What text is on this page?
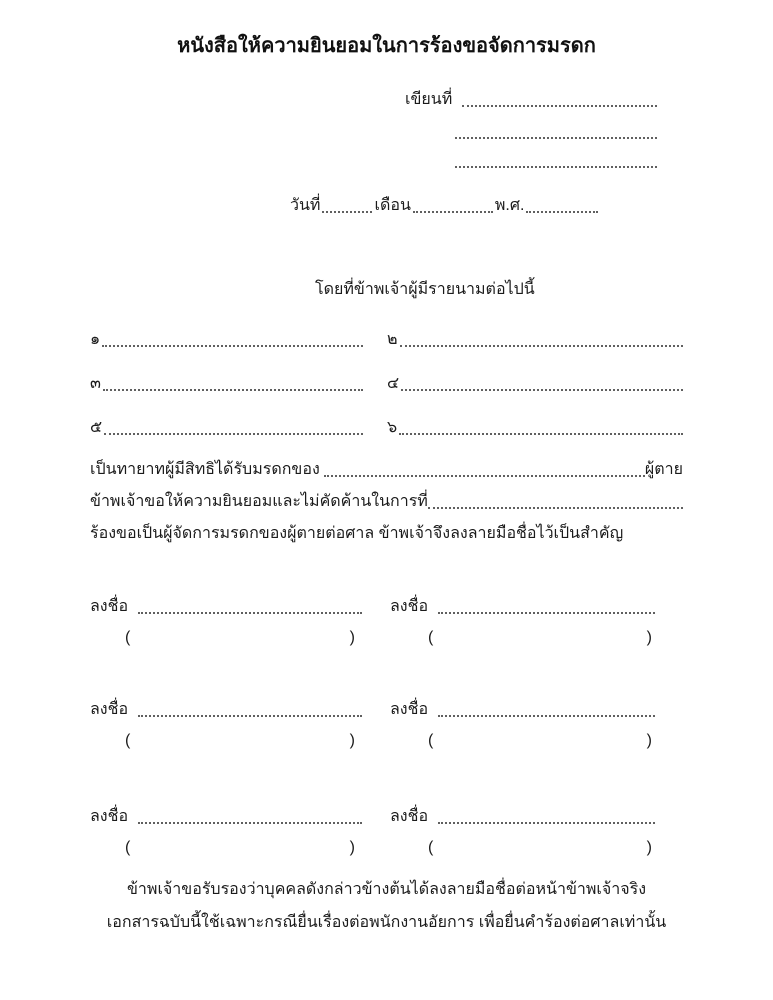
หนังสือให้ความยินยอมในการร้องขอจัดการมรดก
เขียนที่
วันที่	เดือน	พ.ศ.
โดยที่ข้าพเจ้าผู้มีรายนามต่อไปนี้
๑	๒
๓	๔
๕	๖
เป็นทายาทผู้มีสิทธิได้รับมรดกของ	ผู้ตาย
ข้าพเจ้าขอให้ความยินยอมและไม่คัดค้านในการที่
ร้องขอเป็นผู้จัดการมรดกของผู้ตายต่อศาล ข้าพเจ้าจึงลงลายมือชื่อไว้เป็นสำคัญ
ลงชื่อ	ลงชื่อ
(	)	(	)
ลงชื่อ	ลงชื่อ
(	)	(	)
ลงชื่อ	ลงชื่อ
(	)	(	)
ข้าพเจ้าขอรับรองว่าบุคคลดังกล่าวข้างต้นได้ลงลายมือชื่อต่อหน้าข้าพเจ้าจริง
เอกสารฉบับนี้ใช้เฉพาะกรณียื่นเรื่องต่อพนักงานอัยการ เพื่อยื่นคำร้องต่อศาลเท่านั้น
